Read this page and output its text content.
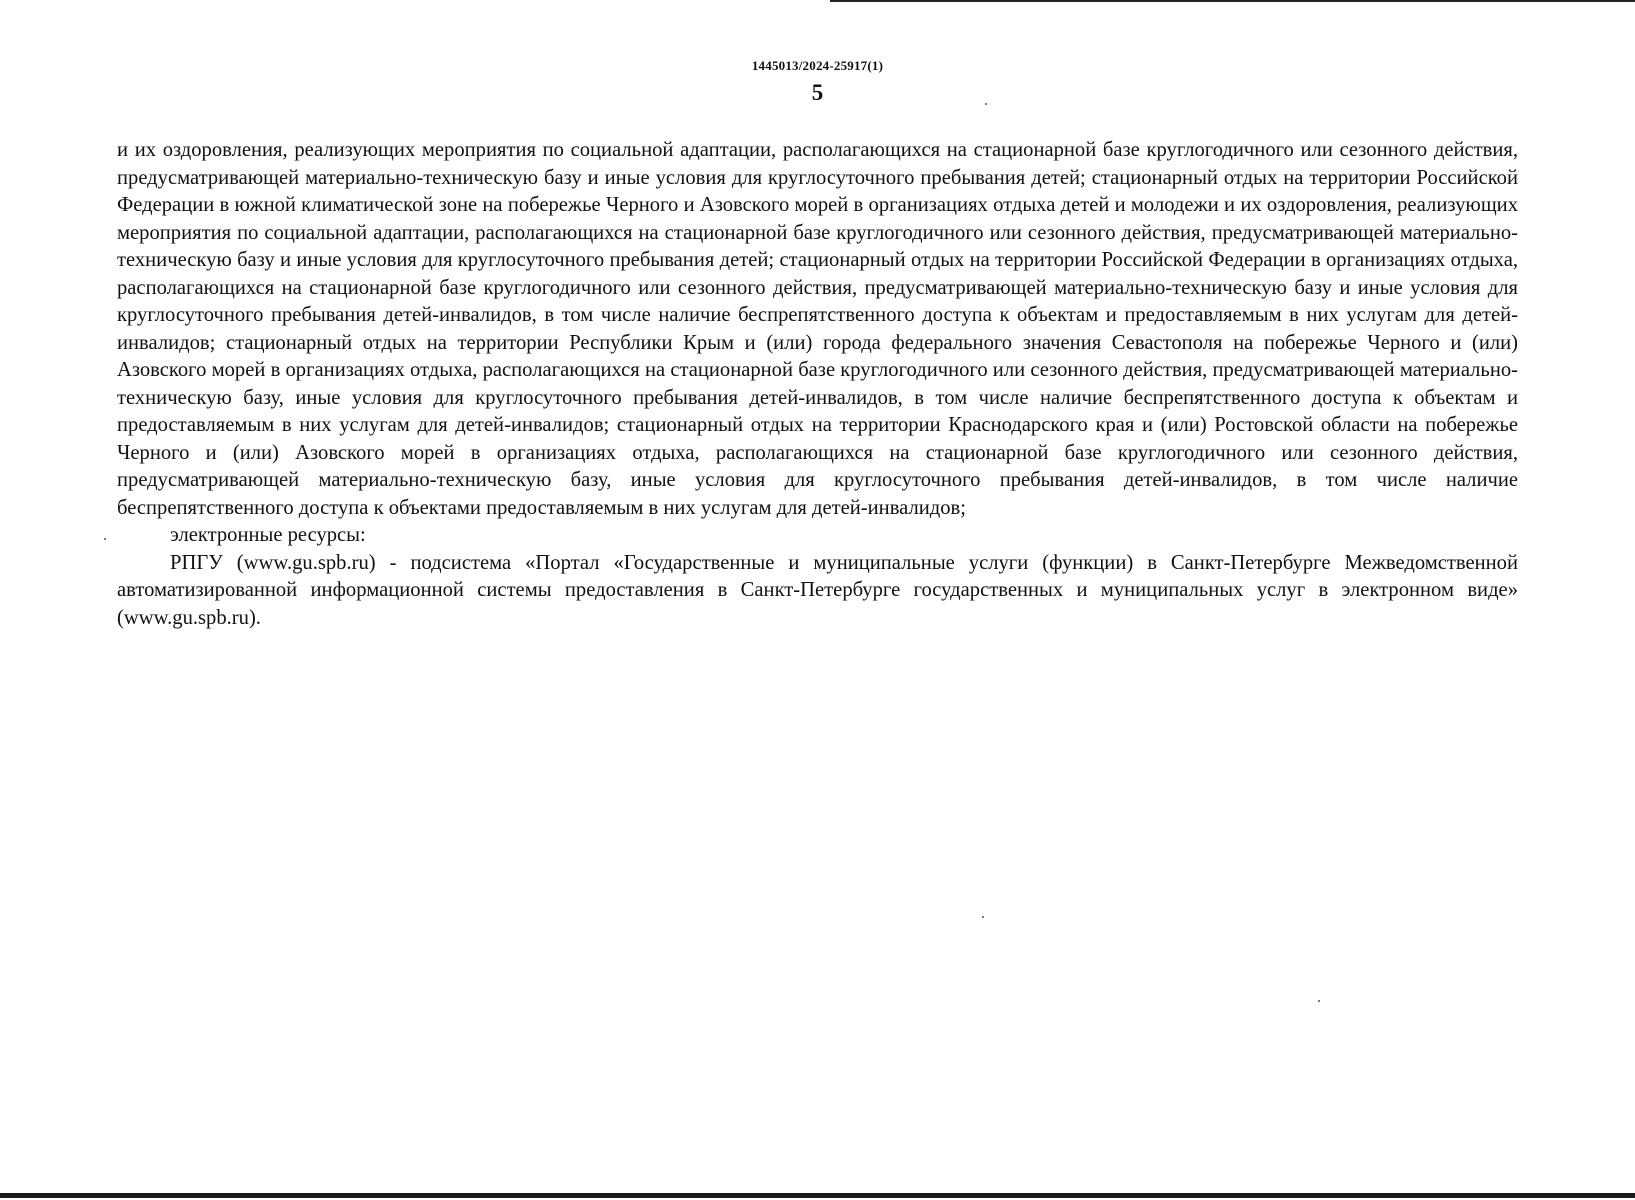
1445013/2024-25917(1)
5

и их оздоровления, реализующих мероприятия по социальной адаптации, располагающихся на стационарной базе круглогодичного или сезонного действия, предусматривающей материально-техническую базу и иные условия для круглосуточного пребывания детей; стационарный отдых на территории Российской Федерации в южной климатической зоне на побережье Черного и Азовского морей в организациях отдыха детей и молодежи и их оздоровления, реализующих мероприятия по социальной адаптации, располагающихся на стационарной базе круглогодичного или сезонного действия, предусматривающей материально-техническую базу и иные условия для круглосуточного пребывания детей; стационарный отдых на территории Российской Федерации в организациях отдыха, располагающихся на стационарной базе круглогодичного или сезонного действия, предусматривающей материально-техническую базу и иные условия для круглосуточного пребывания детей-инвалидов, в том числе наличие беспрепятственного доступа к объектам и предоставляемым в них услугам для детей-инвалидов; стационарный отдых на территории Республики Крым и (или) города федерального значения Севастополя на побережье Черного и (или) Азовского морей в организациях отдыха, располагающихся на стационарной базе круглогодичного или сезонного действия, предусматривающей материально-техническую базу, иные условия для круглосуточного пребывания детей-инвалидов, в том числе наличие беспрепятственного доступа к объектам и предоставляемым в них услугам для детей-инвалидов; стационарный отдых на территории Краснодарского края и (или) Ростовской области на побережье Черного и (или) Азовского морей в организациях отдыха, располагающихся на стационарной базе круглогодичного или сезонного действия, предусматривающей материально-техническую базу, иные условия для круглосуточного пребывания детей-инвалидов, в том числе наличие беспрепятственного доступа к объектами предоставляемым в них услугам для детей-инвалидов;

электронные ресурсы:

РПГУ (www.gu.spb.ru) - подсистема «Портал «Государственные и муниципальные услуги (функции) в Санкт-Петербурге Межведомственной автоматизированной информационной системы предоставления в Санкт-Петербурге государственных и муниципальных услуг в электронном виде» (www.gu.spb.ru).
